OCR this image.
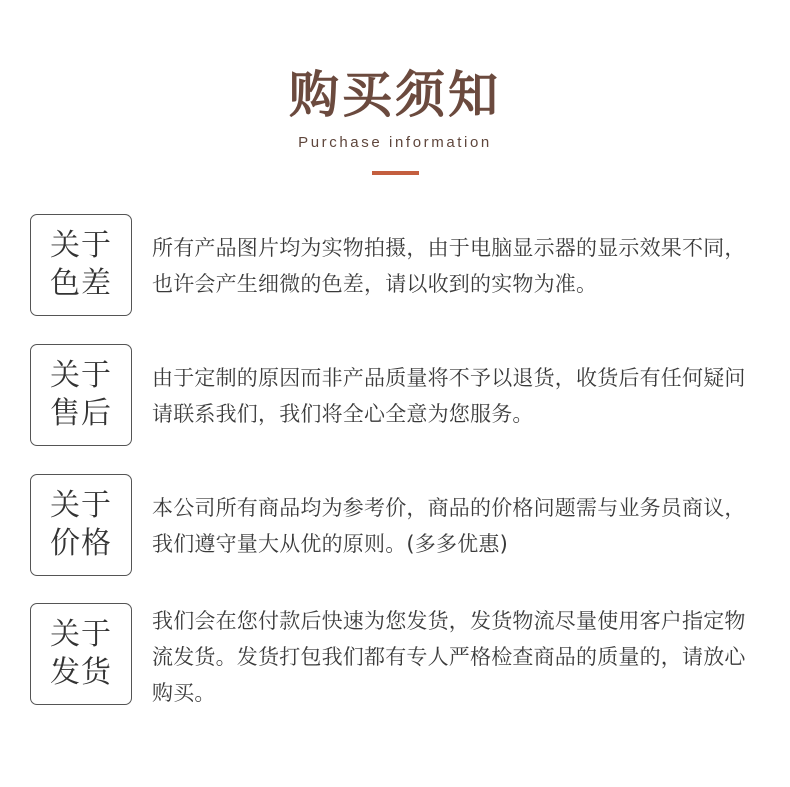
购买须知
Purchase information
关于
色差
所有产品图片均为实物拍摄，由于电脑显示器的显示效果不同，也许会产生细微的色差，请以收到的实物为准。
关于
售后
由于定制的原因而非产品质量将不予以退货，收货后有任何疑问请联系我们，我们将全心全意为您服务。
关于
价格
本公司所有商品均为参考价，商品的价格问题需与业务员商议，我们遵守量大从优的原则。(多多优惠)
关于
发货
我们会在您付款后快速为您发货，发货物流尽量使用客户指定物流发货。发货打包我们都有专人严格检查商品的质量的，请放心购买。
